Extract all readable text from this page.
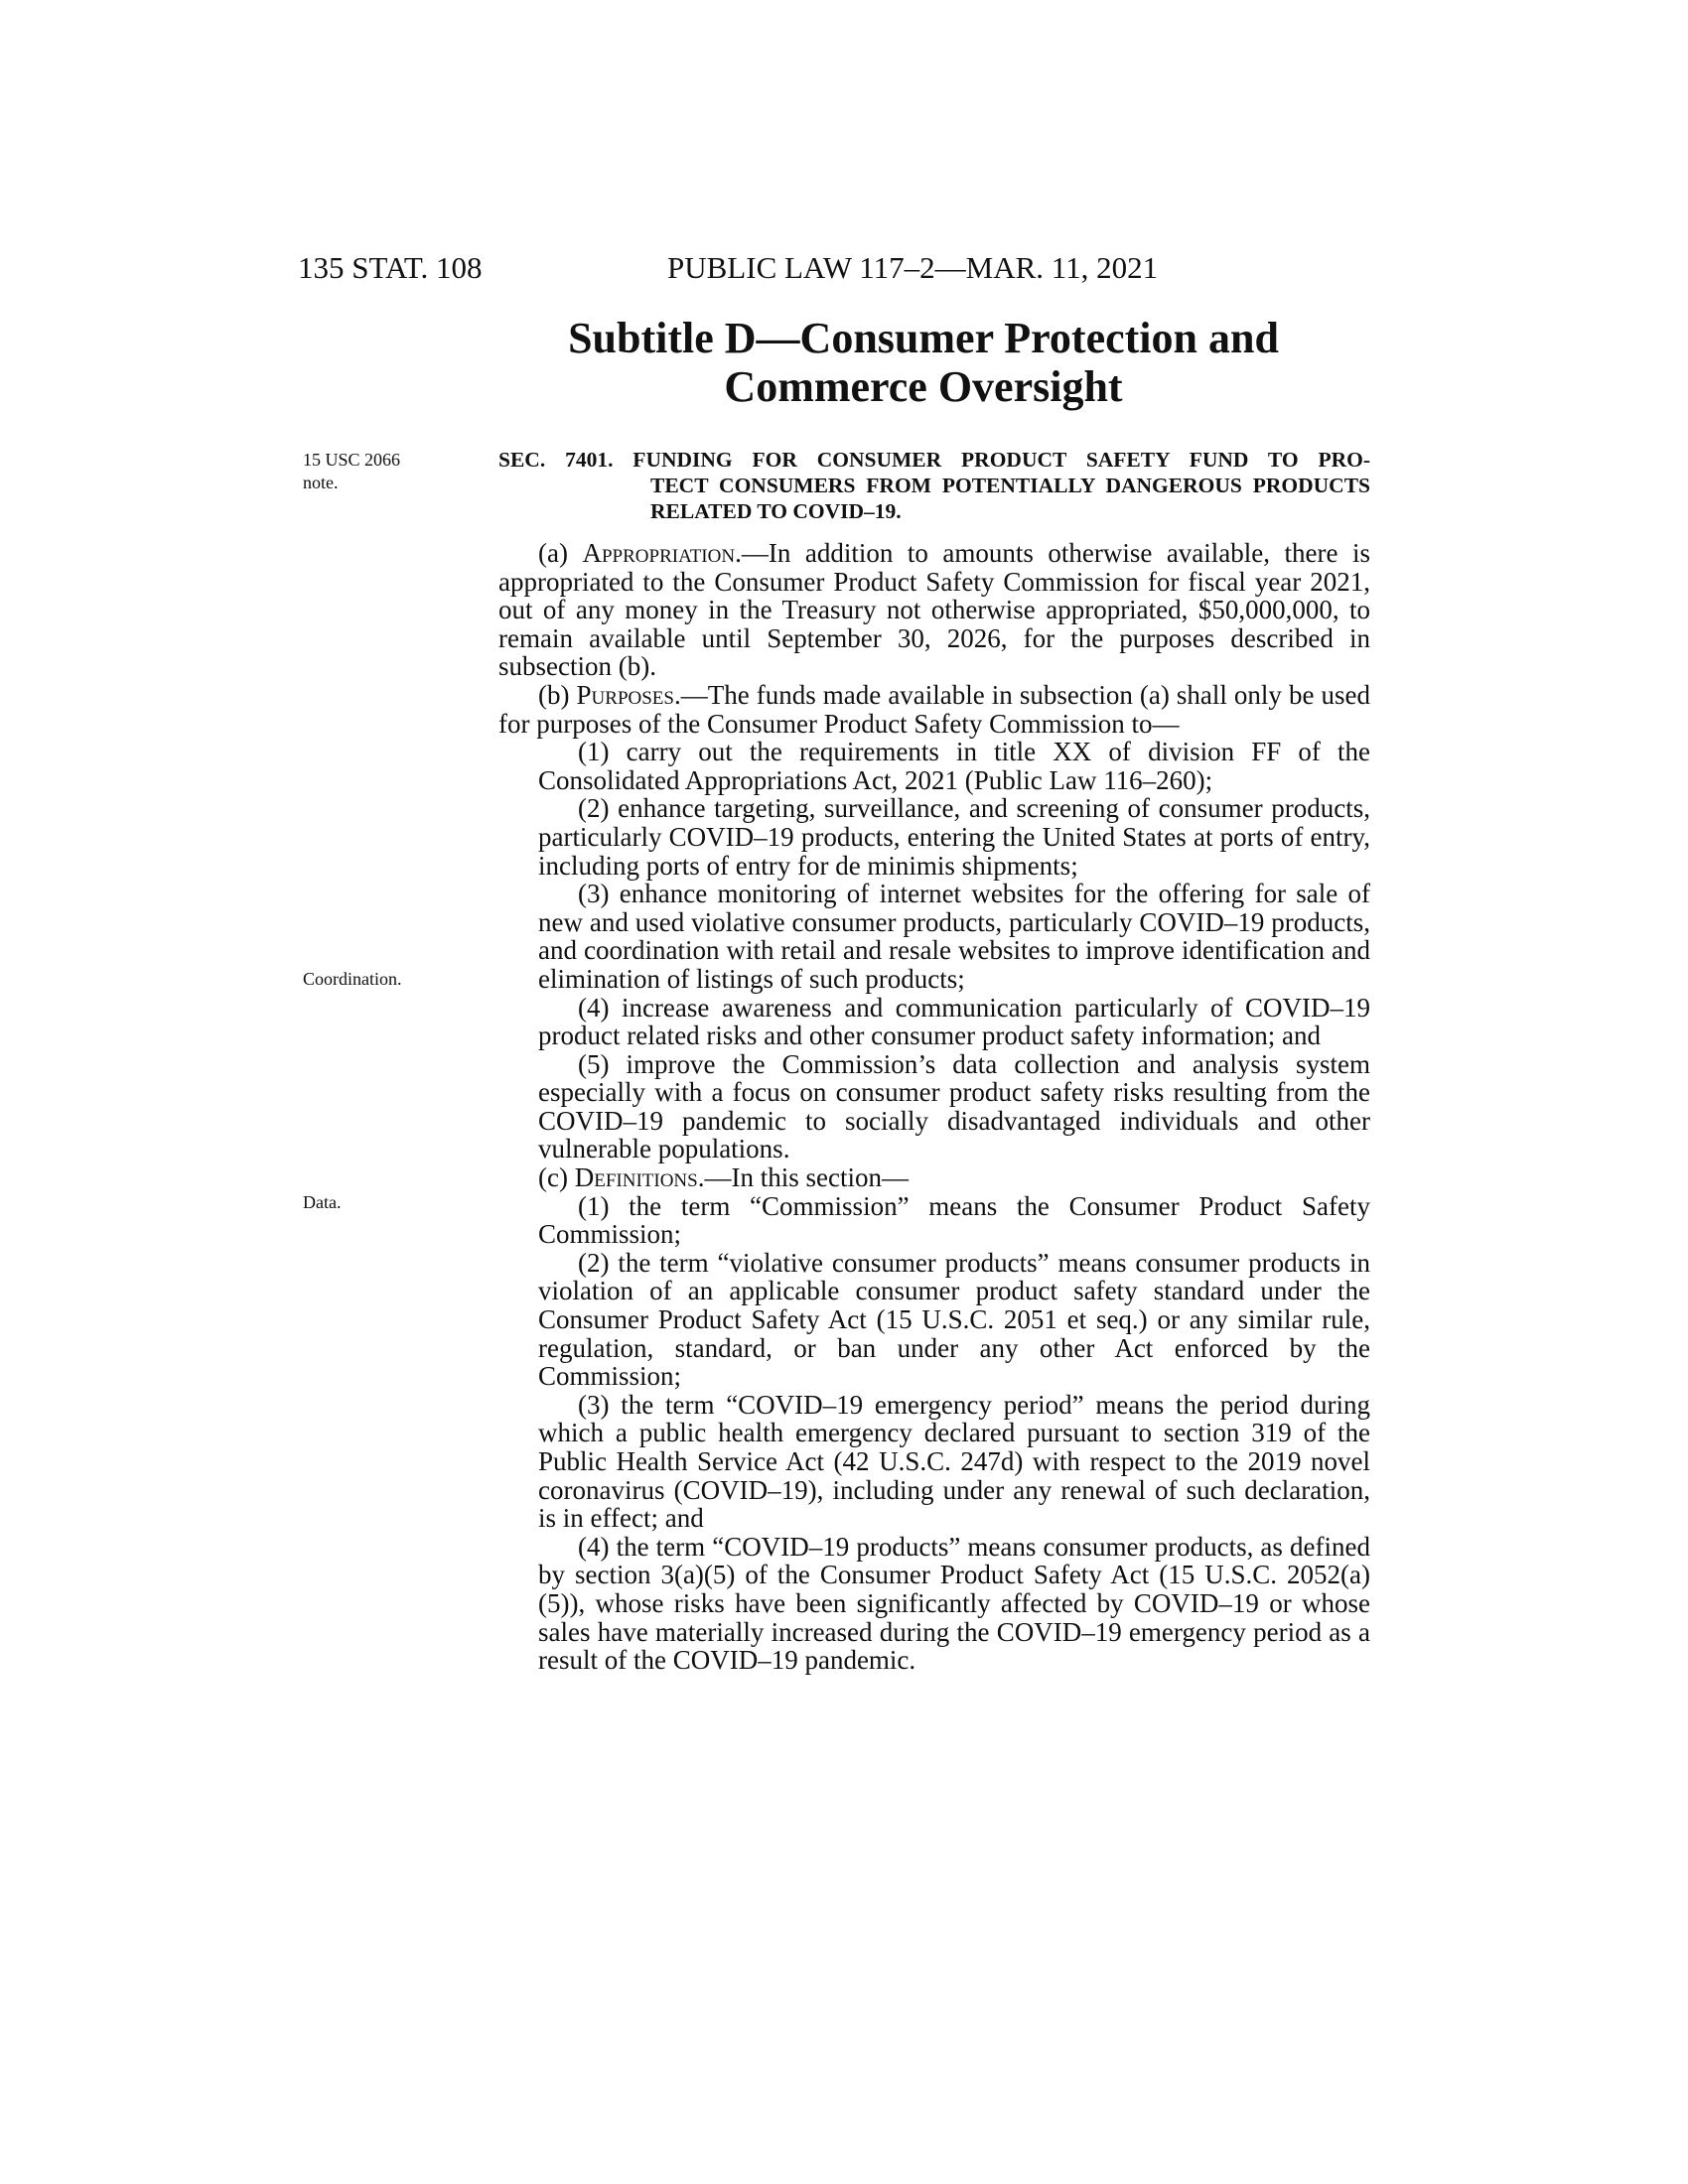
135 STAT. 108	PUBLIC LAW 117–2—MAR. 11, 2021
Subtitle D—Consumer Protection and
Commerce Oversight
15 USC 2066
note.
Coordination.
Data.
SEC. 7401. FUNDING FOR CONSUMER PRODUCT SAFETY FUND TO PRO-
TECT CONSUMERS FROM POTENTIALLY DANGEROUS PRODUCTS RELATED TO COVID–19.

(a) Appropriation.—In addition to amounts otherwise available, there is appropriated to the Consumer Product Safety Commission for fiscal year 2021, out of any money in the Treasury not otherwise appropriated, $50,000,000, to remain available until September 30, 2026, for the purposes described in subsection (b).

(b) Purposes.—The funds made available in subsection (a) shall only be used for purposes of the Consumer Product Safety Commission to—

(1) carry out the requirements in title XX of division FF of the Consolidated Appropriations Act, 2021 (Public Law 116–260);

(2) enhance targeting, surveillance, and screening of consumer products, particularly COVID–19 products, entering the United States at ports of entry, including ports of entry for de minimis shipments;

(3) enhance monitoring of internet websites for the offering for sale of new and used violative consumer products, particularly COVID–19 products, and coordination with retail and resale websites to improve identification and elimination of listings of such products;

(4) increase awareness and communication particularly of COVID–19 product related risks and other consumer product safety information; and

(5) improve the Commission’s data collection and analysis system especially with a focus on consumer product safety risks resulting from the COVID–19 pandemic to socially disadvantaged individuals and other vulnerable populations.

(c) Definitions.—In this section—

(1) the term “Commission” means the Consumer Product Safety Commission;

(2) the term “violative consumer products” means consumer products in violation of an applicable consumer product safety standard under the Consumer Product Safety Act (15 U.S.C. 2051 et seq.) or any similar rule, regulation, standard, or ban under any other Act enforced by the Commission;

(3) the term “COVID–19 emergency period” means the period during which a public health emergency declared pursuant to section 319 of the Public Health Service Act (42 U.S.C. 247d) with respect to the 2019 novel coronavirus (COVID–19), including under any renewal of such declaration, is in effect; and

(4) the term “COVID–19 products” means consumer products, as defined by section 3(a)(5) of the Consumer Product Safety Act (15 U.S.C. 2052(a)(5)), whose risks have been significantly affected by COVID–19 or whose sales have materially increased during the COVID–19 emergency period as a result of the COVID–19 pandemic.
